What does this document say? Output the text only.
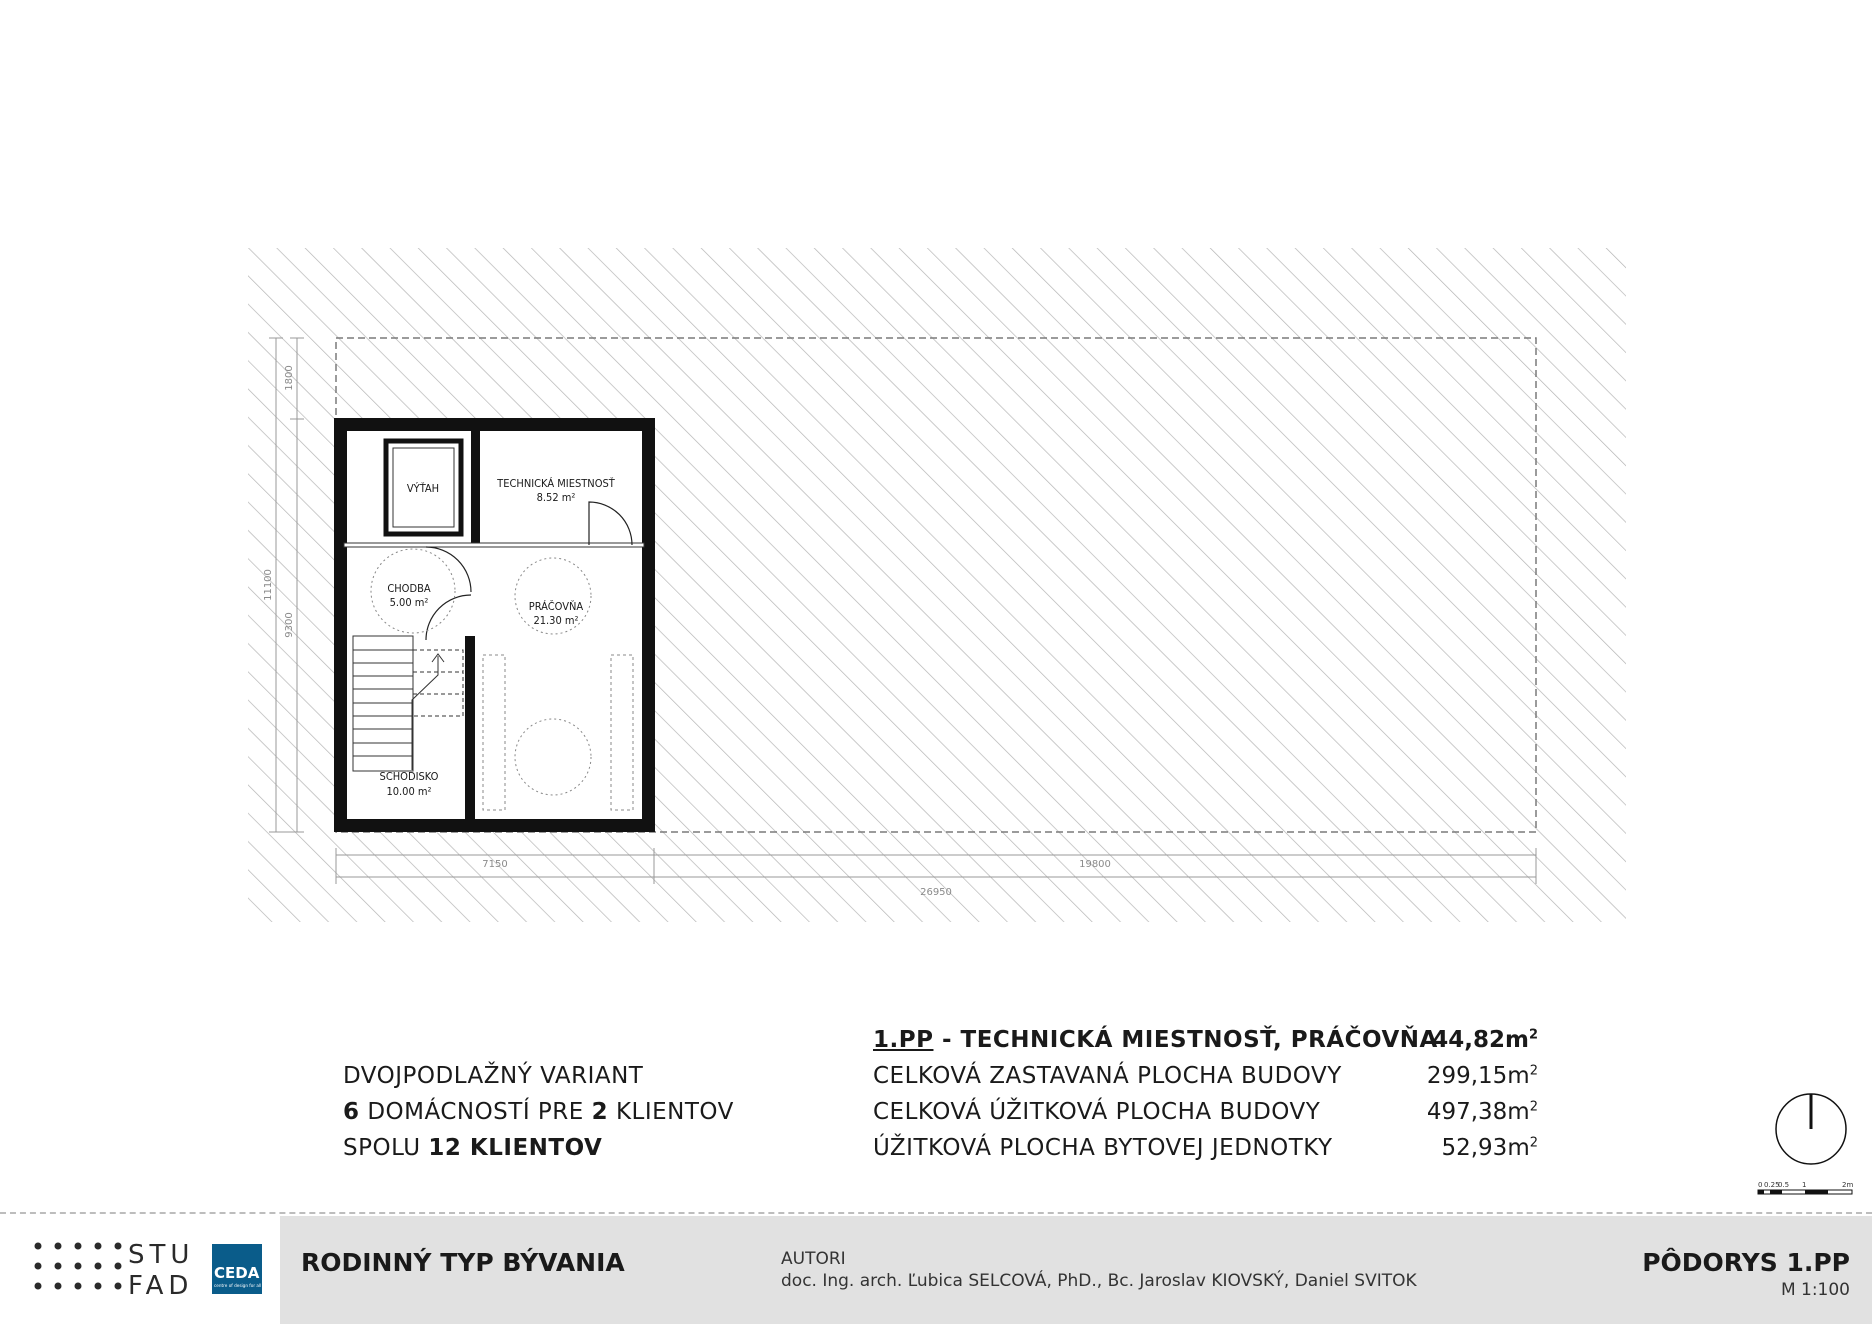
VÝŤAH	TECHNICKÁ MIESTNOSŤ
8.52 m²
CHODBA
5.00 m²	PRÁČOVŇA
21.30 m²
SCHODISKO
10.00 m²
1800
11100
9300
7150	19800
26950
0 0.25
0.5 1	2m
DVOJPODLAŽNÝ VARIANT
6 DOMÁCNOSTÍ PRE 2 KLIENTOV
SPOLU 12 KLIENTOV
1.PP - TECHNICKÁ MIESTNOSŤ, PRÁČOVŇA
$44,82m^2$
CELKOVÁ ZASTAVANÁ PLOCHA BUDOVY	$299,15m^2$
CELKOVÁ ÚŽITKOVÁ PLOCHA BUDOVY	$497,38m^2$
ÚŽITKOVÁ PLOCHA BYTOVEJ JEDNOTKY	$52,93m^2$
STU
FAD CEDA
centre of design for all
RODINNÝ TYP BÝVANIA	AUTORI
doc. Ing. arch. Ľubica SELCOVÁ, PhD., Bc. Jaroslav KIOVSKÝ, Daniel SVITOK
PÔDORYS 1.PP
M 1:100
